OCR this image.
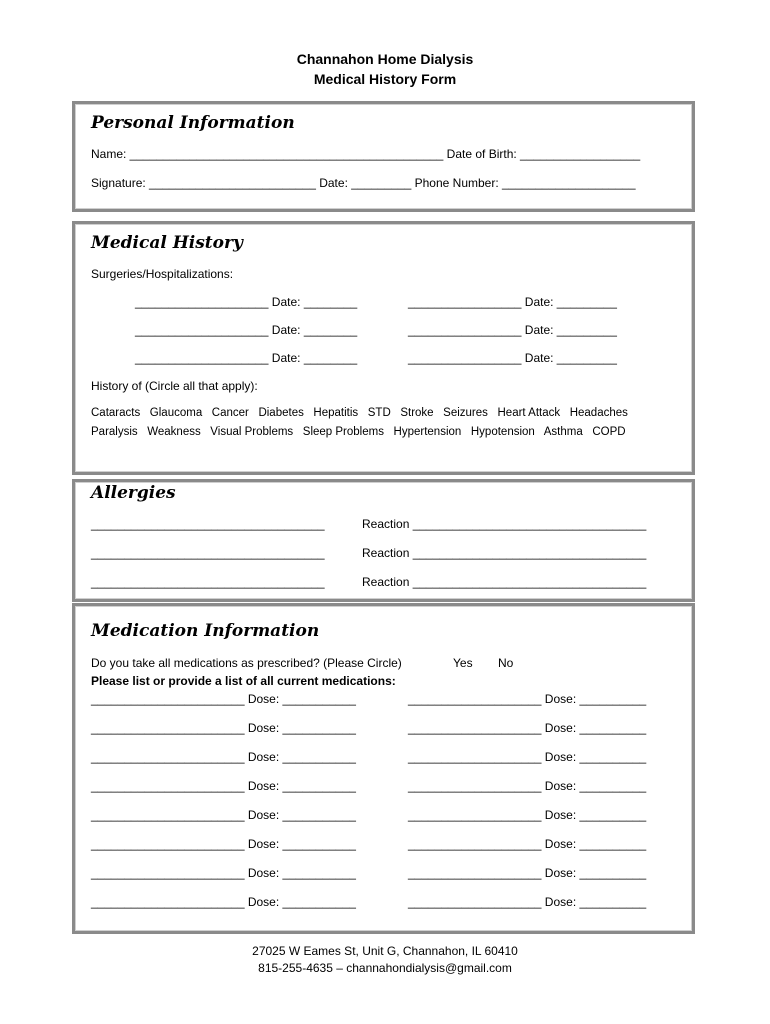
Channahon Home Dialysis
Medical History Form
Personal Information
Name: _______________________________________________ Date of Birth: __________________
Signature: _________________________ Date: _________ Phone Number: ____________________
Medical History
Surgeries/Hospitalizations:
____________________ Date: ________	_________________ Date: _________
____________________ Date: ________	_________________ Date: _________
____________________ Date: ________	_________________ Date: _________
History of (Circle all that apply):
Cataracts   Glaucoma   Cancer   Diabetes   Hepatitis   STD   Stroke   Seizures   Heart Attack   Headaches
Paralysis   Weakness   Visual Problems   Sleep Problems   Hypertension   Hypotension   Asthma   COPD
Allergies
___________________________________	Reaction ___________________________________
___________________________________	Reaction ___________________________________
___________________________________	Reaction ___________________________________
Medication Information
Do you take all medications as prescribed? (Please Circle)	Yes No
Please list or provide a list of all current medications:
_______________________ Dose: ___________	____________________ Dose: __________
_______________________ Dose: ___________	____________________ Dose: __________
_______________________ Dose: ___________	____________________ Dose: __________
_______________________ Dose: ___________	____________________ Dose: __________
_______________________ Dose: ___________	____________________ Dose: __________
_______________________ Dose: ___________	____________________ Dose: __________
_______________________ Dose: ___________	____________________ Dose: __________
_______________________ Dose: ___________	____________________ Dose: __________
27025 W Eames St, Unit G, Channahon, IL 60410
815-255-4635 – channahondialysis@gmail.com
